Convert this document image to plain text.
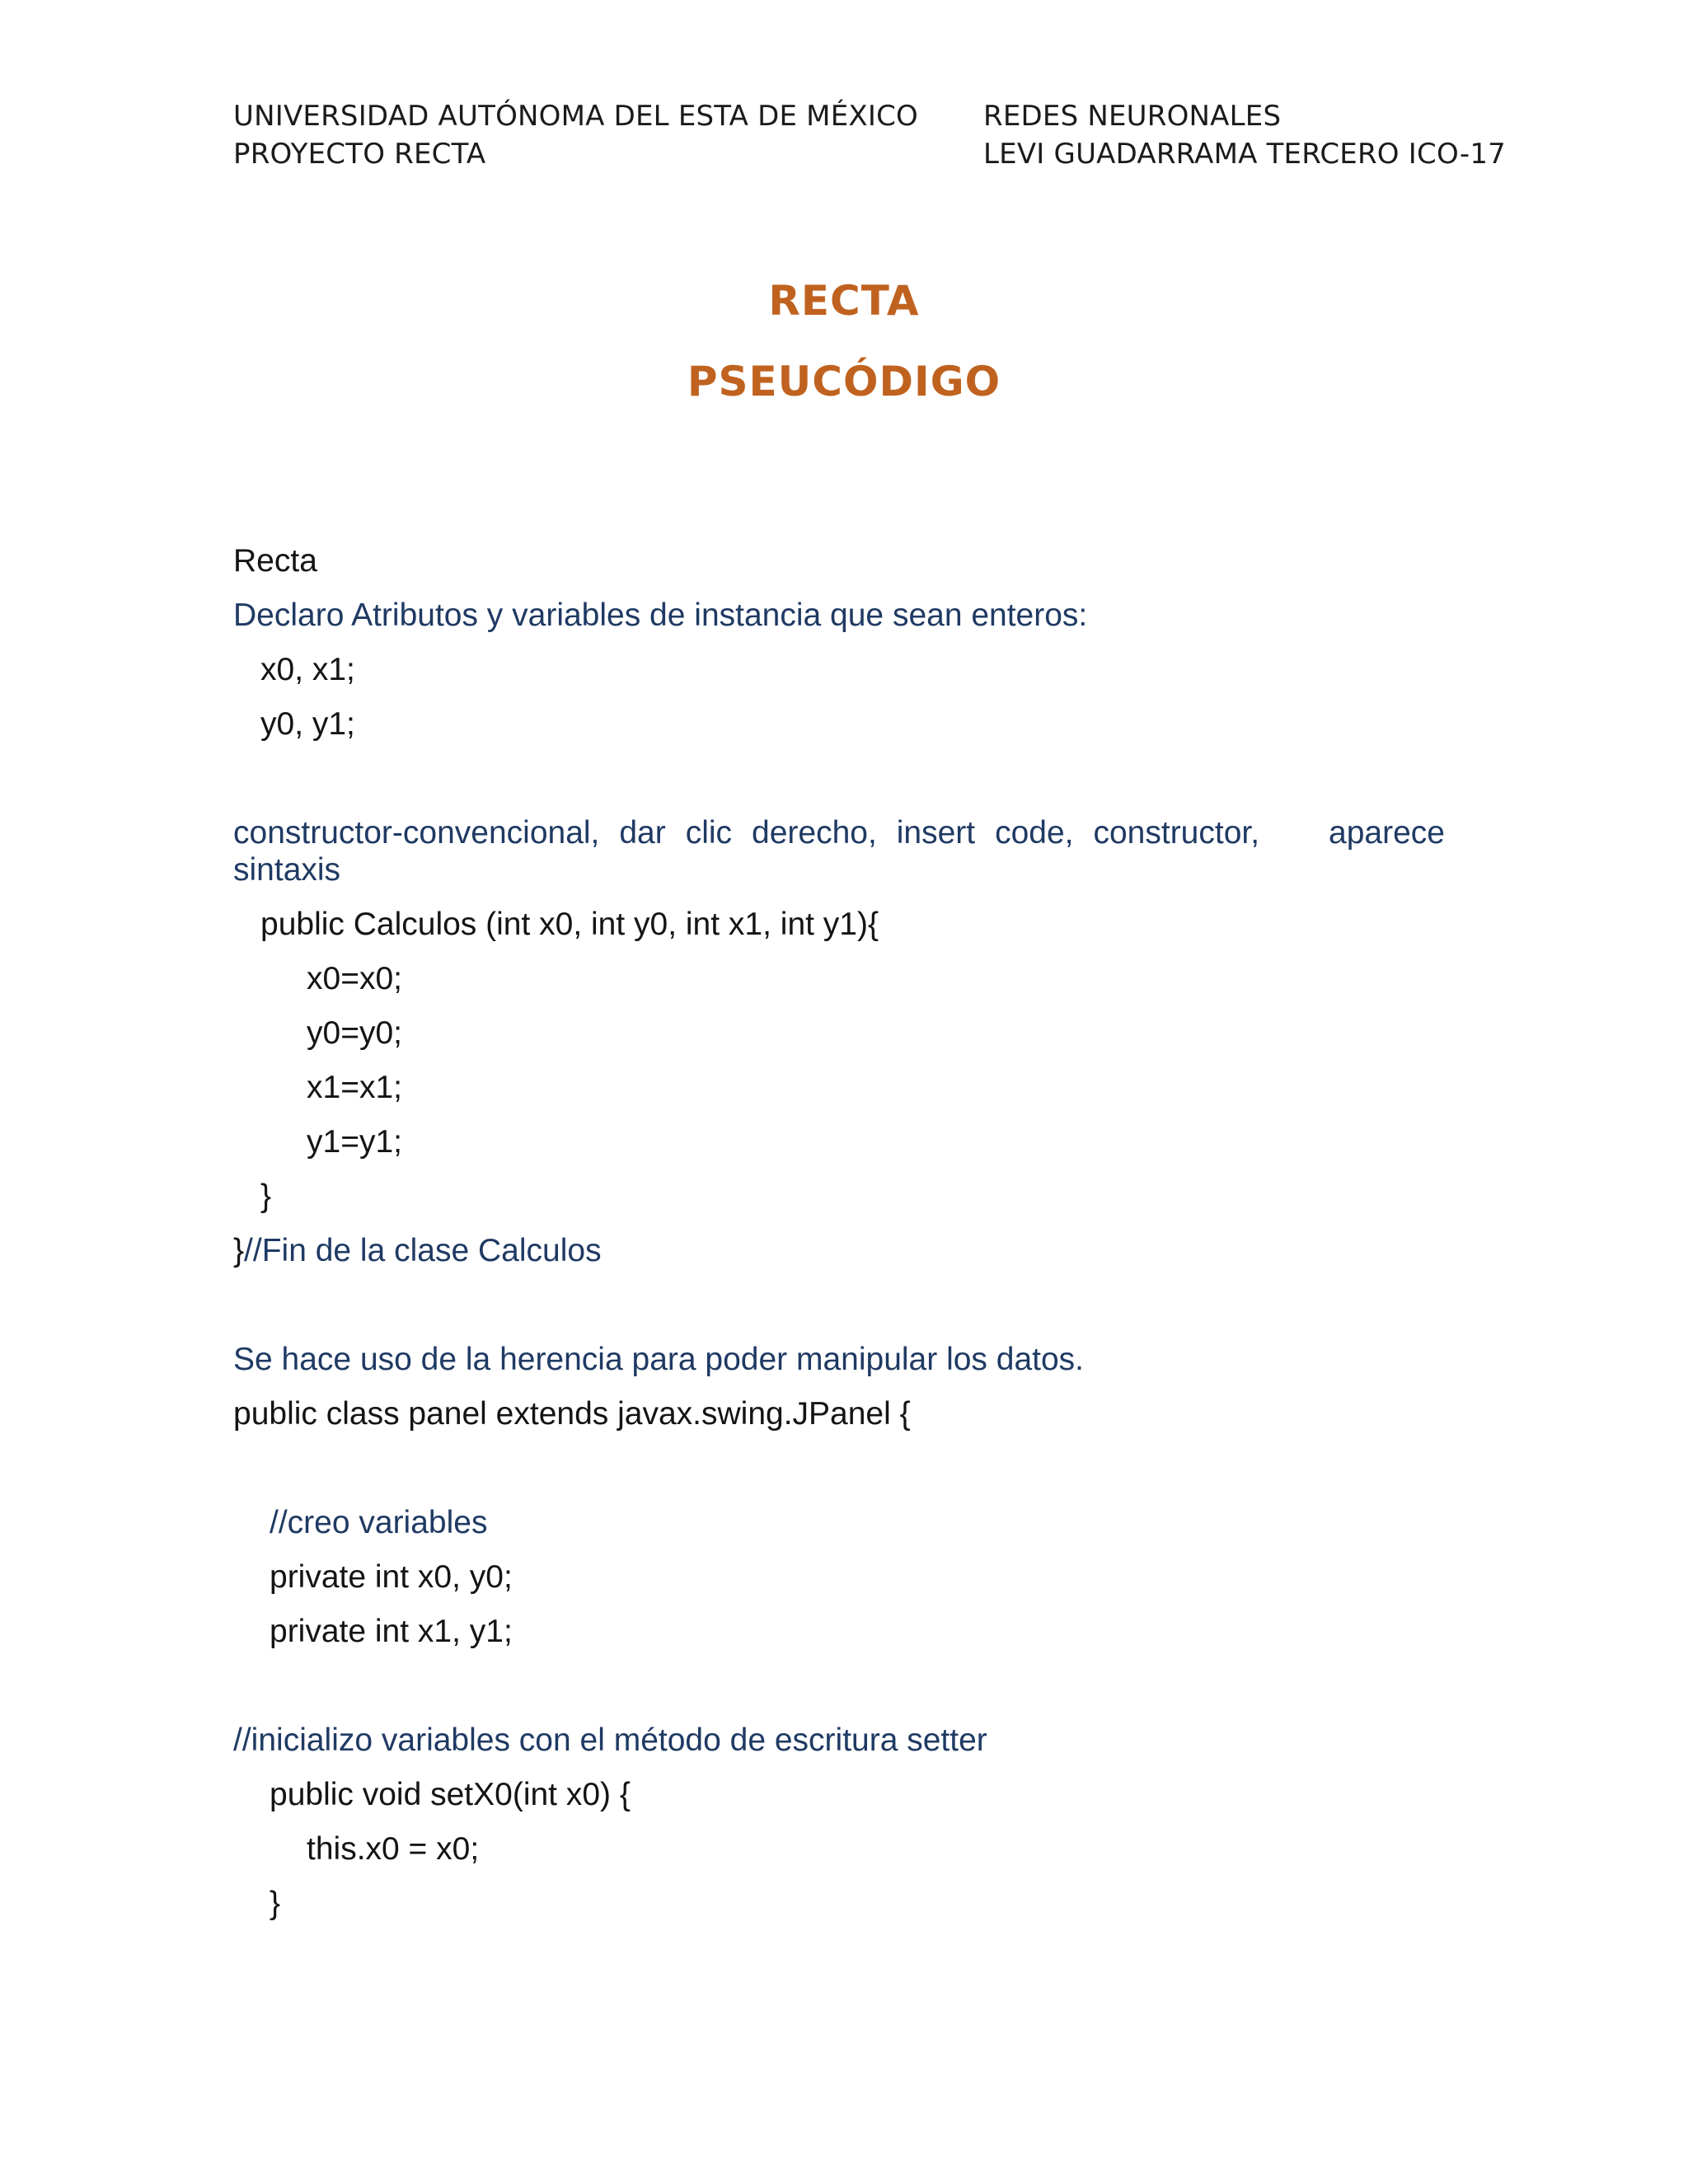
UNIVERSIDAD AUTÓNOMA DEL ESTA DE MÉXICO
PROYECTO RECTA
REDES NEURONALES
LEVI GUADARRAMA TERCERO ICO-17
RECTA
PSEUCÓDIGO
Recta
Declaro Atributos y variables de instancia que sean enteros:
x0, x1;
y0, y1;
constructor-convencional, dar clic derecho, insert code, constructor, aparece
sintaxis
public Calculos (int x0, int y0, int x1, int y1){
x0=x0;
y0=y0;
x1=x1;
y1=y1;
}
}//Fin de la clase Calculos
Se hace uso de la herencia para poder manipular los datos.
public class panel extends javax.swing.JPanel {
//creo variables
private int x0, y0;
private int x1, y1;
//inicializo variables con el método de escritura setter
public void setX0(int x0) {
this.x0 = x0;
}
